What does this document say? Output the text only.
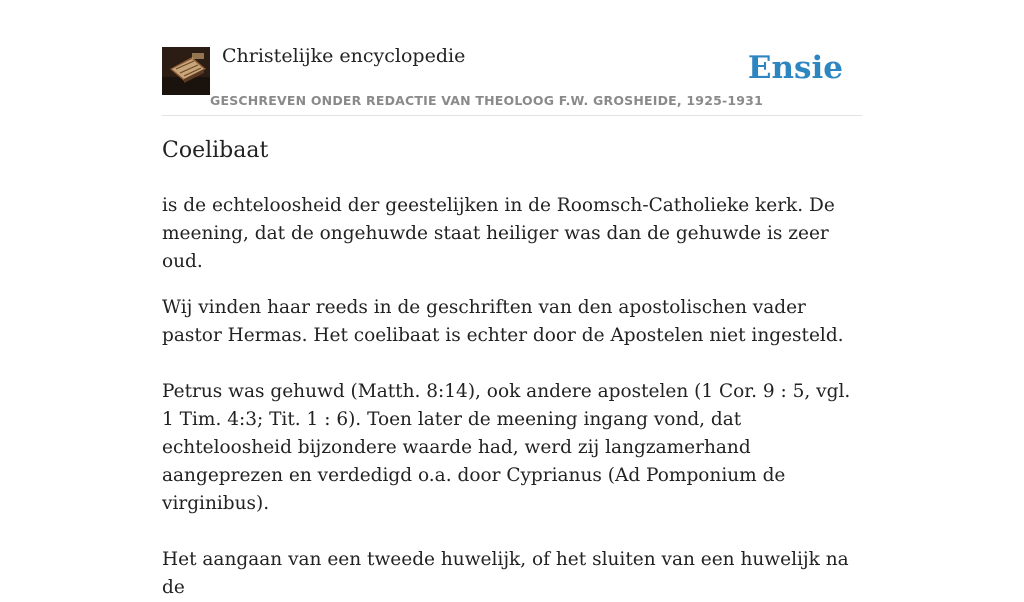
Christelijke encyclopedie
GESCHREVEN ONDER REDACTIE VAN THEOLOOG F.W. GROSHEIDE, 1925-1931
Ensie
Coelibaat

is de echteloosheid der geestelijken in de Roomsch-Catholieke kerk. De meening, dat de ongehuwde staat heiliger was dan de gehuwde is zeer oud.

Wij vinden haar reeds in de geschriften van den apostolischen vader pastor Hermas. Het coelibaat is echter door de Apostelen niet ingesteld.

Petrus was gehuwd (Matth. 8:14), ook andere apostelen (1 Cor. 9 : 5, vgl. 1 Tim. 4:3; Tit. 1 : 6). Toen later de meening ingang vond, dat echteloosheid bijzondere waarde had, werd zij langzamerhand aangeprezen en verdedigd o.a. door Cyprianus (Ad Pomponium de virginibus).

Het aangaan van een tweede huwelijk, of het sluiten van een huwelijk na de
